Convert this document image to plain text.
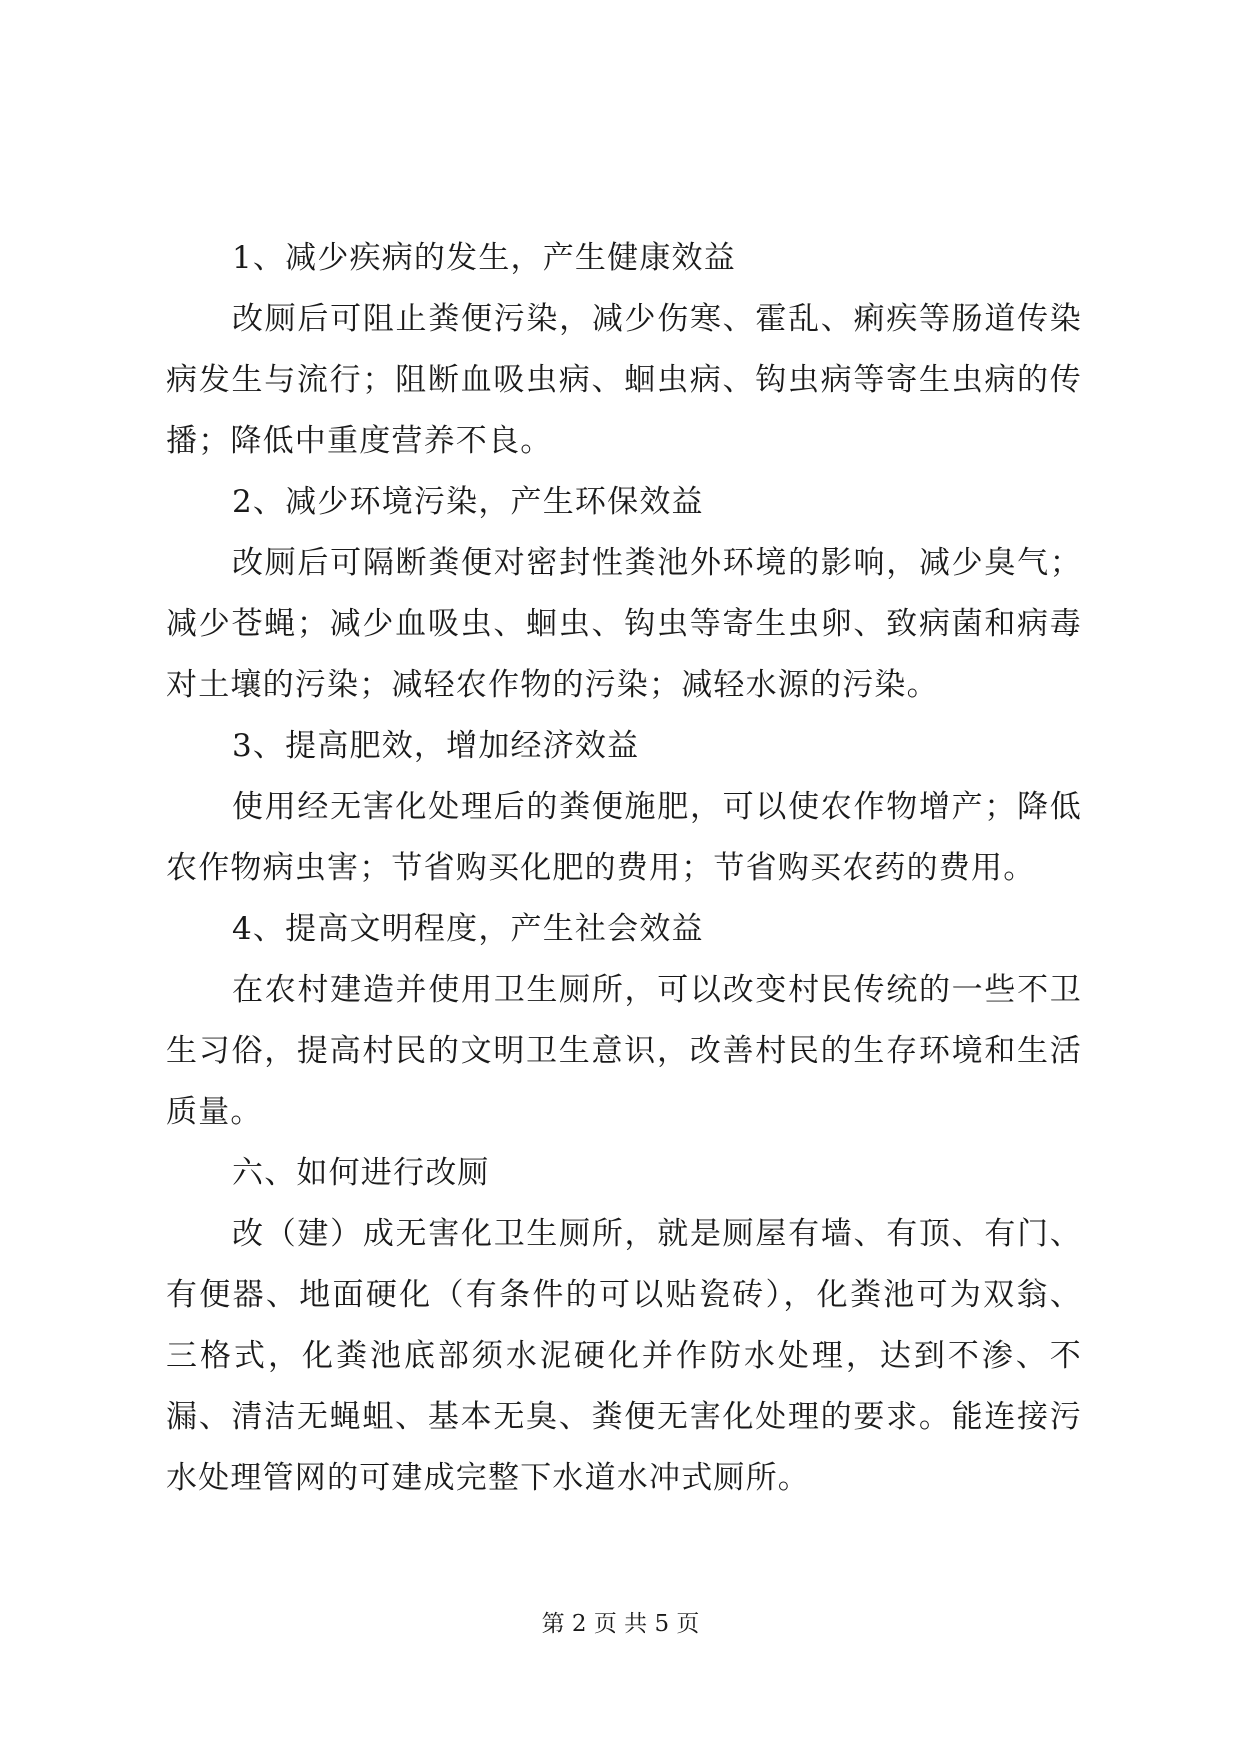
1、减少疾病的发生，产生健康效益

改厕后可阻止粪便污染，减少伤寒、霍乱、痢疾等肠道传染病发生与流行；阻断血吸虫病、蛔虫病、钩虫病等寄生虫病的传播；降低中重度营养不良。

2、减少环境污染，产生环保效益

改厕后可隔断粪便对密封性粪池外环境的影响，减少臭气；减少苍蝇；减少血吸虫、蛔虫、钩虫等寄生虫卵、致病菌和病毒对土壤的污染；减轻农作物的污染；减轻水源的污染。

3、提高肥效，增加经济效益

使用经无害化处理后的粪便施肥，可以使农作物增产；降低农作物病虫害；节省购买化肥的费用；节省购买农药的费用。

4、提高文明程度，产生社会效益

在农村建造并使用卫生厕所，可以改变村民传统的一些不卫生习俗，提高村民的文明卫生意识，改善村民的生存环境和生活质量。

六、如何进行改厕

改（建）成无害化卫生厕所，就是厕屋有墙、有顶、有门、有便器、地面硬化（有条件的可以贴瓷砖），化粪池可为双翁、三格式，化粪池底部须水泥硬化并作防水处理，达到不渗、不漏、清洁无蝇蛆、基本无臭、粪便无害化处理的要求。能连接污水处理管网的可建成完整下水道水冲式厕所。

第 2 页 共 5 页
